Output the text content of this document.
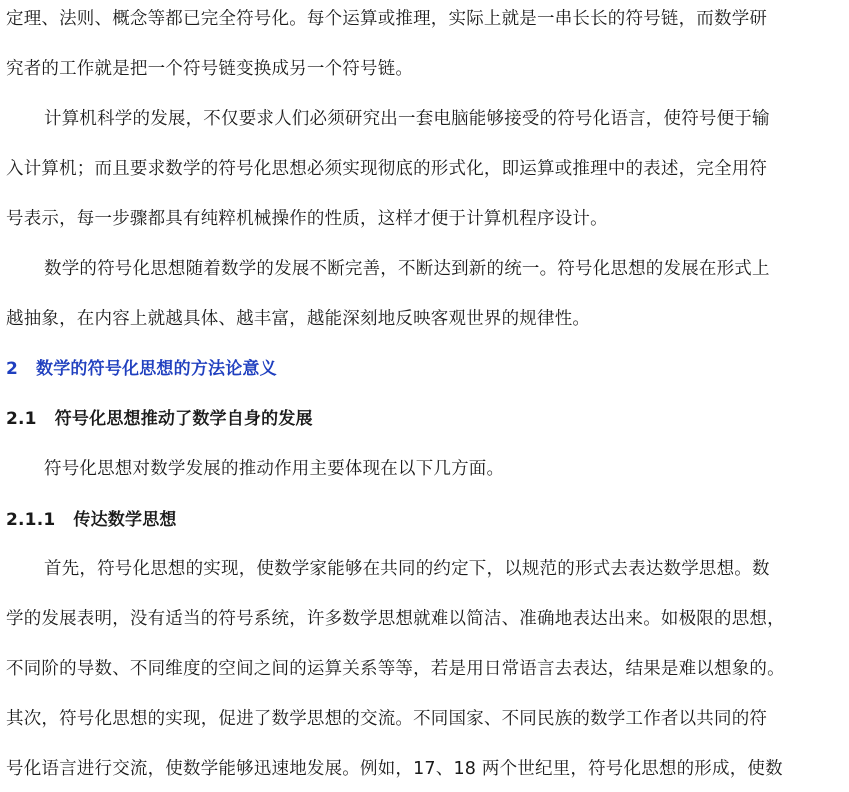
定理、法则、概念等都已完全符号化。每个运算或推理，实际上就是一串长长的符号链，而数学研
究者的工作就是把一个符号链变换成另一个符号链。
计算机科学的发展，不仅要求人们必须研究出一套电脑能够接受的符号化语言，使符号便于输
入计算机；而且要求数学的符号化思想必须实现彻底的形式化，即运算或推理中的表述，完全用符
号表示，每一步骤都具有纯粹机械操作的性质，这样才便于计算机程序设计。
数学的符号化思想随着数学的发展不断完善，不断达到新的统一。符号化思想的发展在形式上
越抽象，在内容上就越具体、越丰富，越能深刻地反映客观世界的规律性。
2 数学的符号化思想的方法论意义
2.1 符号化思想推动了数学自身的发展
符号化思想对数学发展的推动作用主要体现在以下几方面。
2.1.1 传达数学思想
首先，符号化思想的实现，使数学家能够在共同的约定下，以规范的形式去表达数学思想。数
学的发展表明，没有适当的符号系统，许多数学思想就难以简洁、准确地表达出来。如极限的思想，
不同阶的导数、不同维度的空间之间的运算关系等等，若是用日常语言去表达，结果是难以想象的。
其次，符号化思想的实现，促进了数学思想的交流。不同国家、不同民族的数学工作者以共同的符
号化语言进行交流，使数学能够迅速地发展。例如，17、18 两个世纪里，符号化思想的形成，使数
